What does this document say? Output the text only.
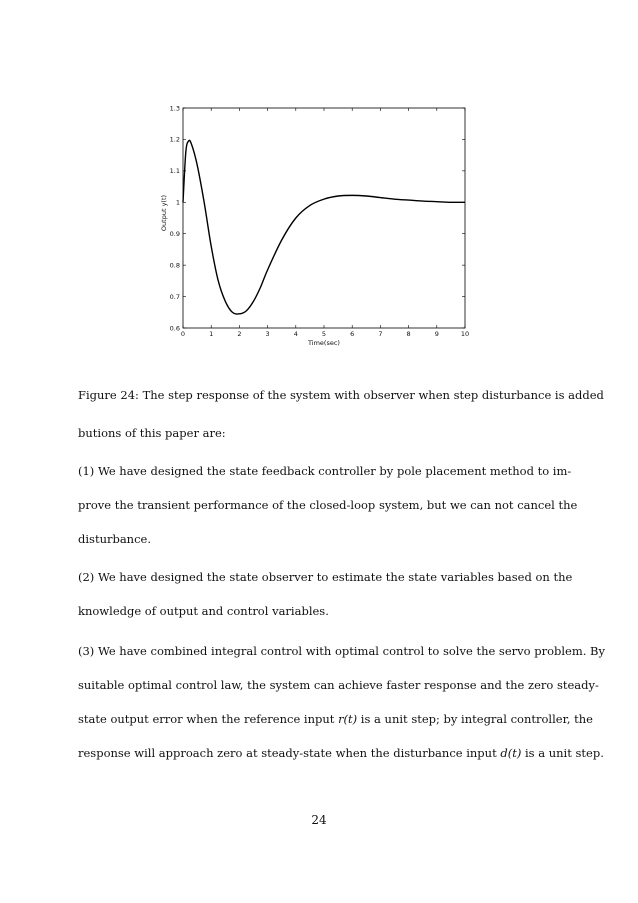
0	1	2	3	4	5	6	7	8	9	10
0.6
0.7
0.8
0.9
1
1.1
1.2
1.3
Time(sec)
Output y(t)
Figure 24: The step response of the system with observer when step disturbance is added
butions of this paper are:
(1) We have designed the state feedback controller by pole placement method to im-
prove the transient performance of the closed-loop system, but we can not cancel the
disturbance.
(2) We have designed the state observer to estimate the state variables based on the
knowledge of output and control variables.
(3) We have combined integral control with optimal control to solve the servo problem. By
suitable optimal control law, the system can achieve faster response and the zero steady-
state output error when the reference input r(t) is a unit step; by integral controller, the
response will approach zero at steady-state when the disturbance input d(t) is a unit step.
24
